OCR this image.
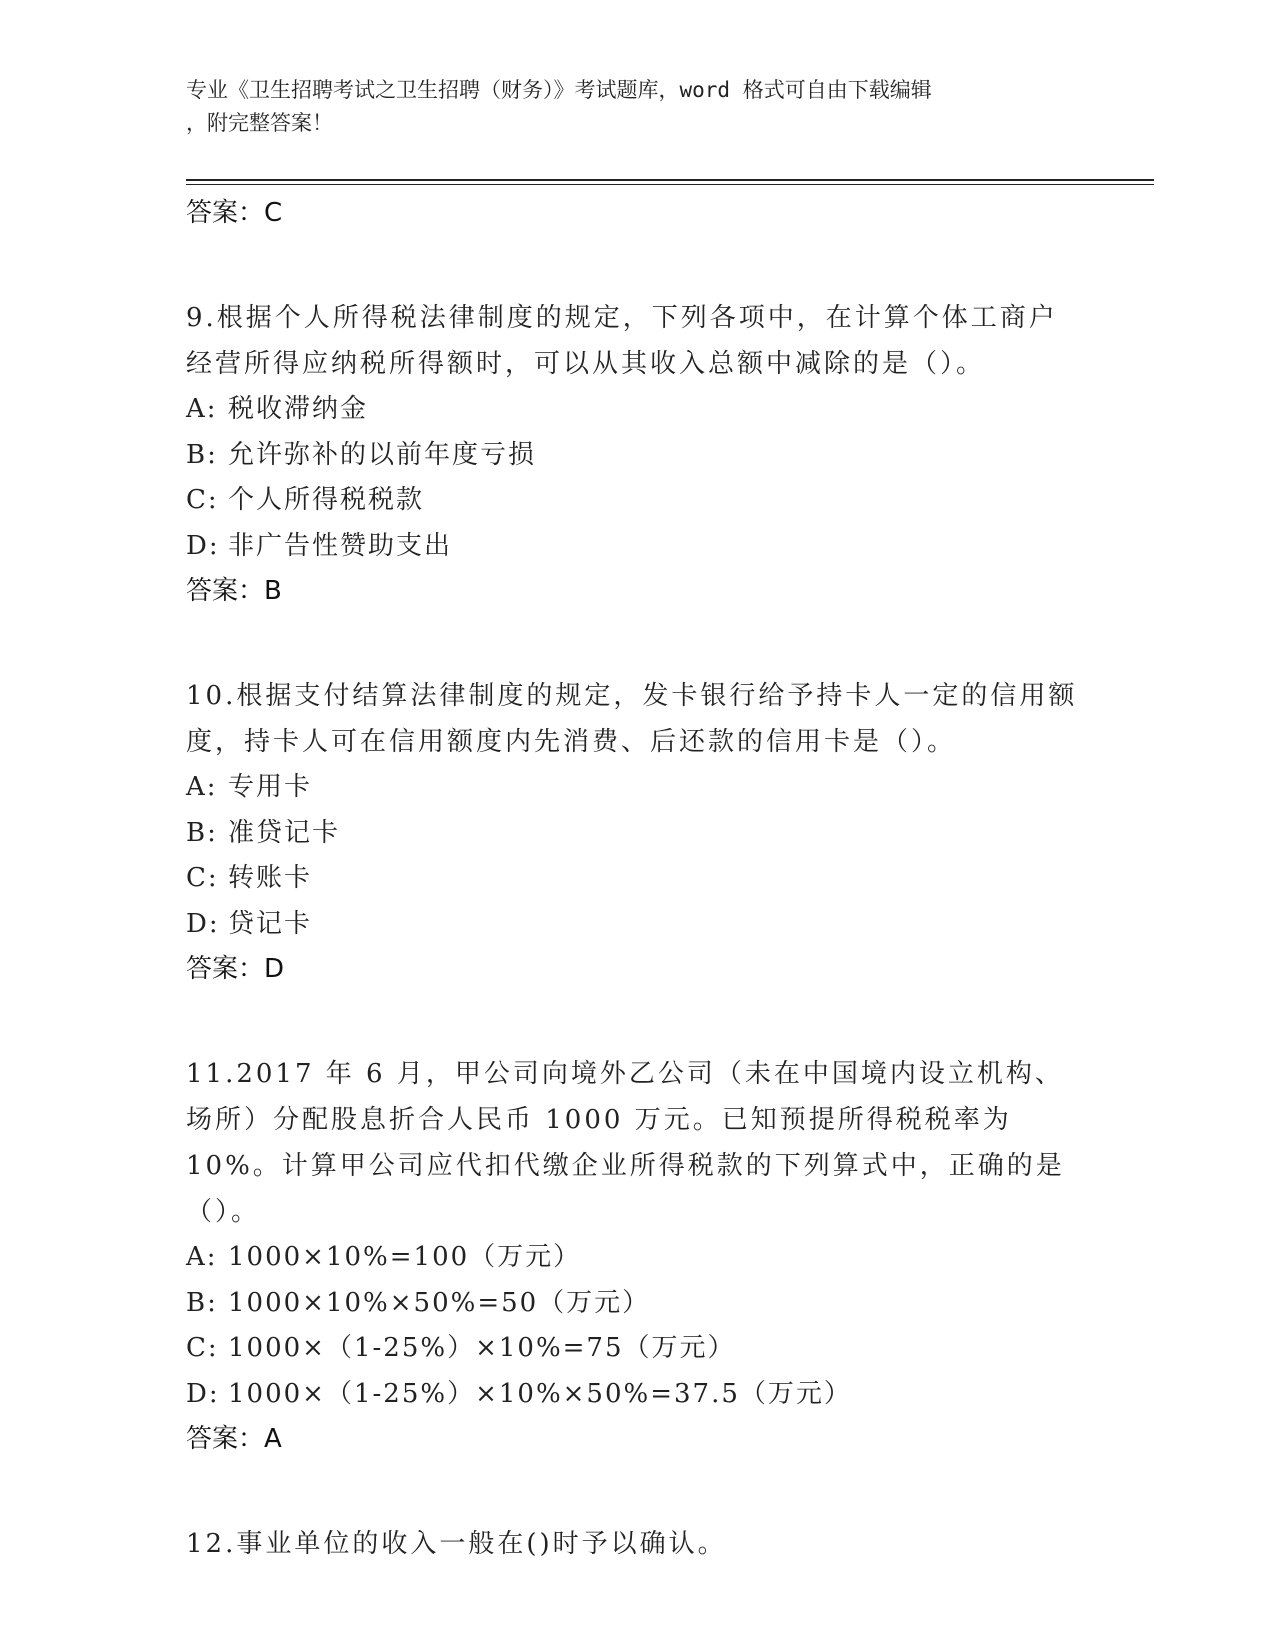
专业《卫生招聘考试之卫生招聘（财务）》考试题库，word 格式可自由下载编辑
，附完整答案！

答案：C

9.根据个人所得税法律制度的规定，下列各项中，在计算个体工商户经营所得应纳税所得额时，可以从其收入总额中减除的是（）。

A: 税收滞纳金

B: 允许弥补的以前年度亏损

C: 个人所得税税款

D: 非广告性赞助支出

答案：B

10.根据支付结算法律制度的规定，发卡银行给予持卡人一定的信用额度，持卡人可在信用额度内先消费、后还款的信用卡是（）。

A: 专用卡

B: 准贷记卡

C: 转账卡

D: 贷记卡

答案：D

11.2017 年 6 月，甲公司向境外乙公司（未在中国境内设立机构、场所）分配股息折合人民币 1000 万元。已知预提所得税税率为 10%。计算甲公司应代扣代缴企业所得税款的下列算式中，正确的是（）。

A: 1000×10%=100（万元）

B: 1000×10%×50%=50（万元）

C: 1000×（1-25%）×10%=75（万元）

D: 1000×（1-25%）×10%×50%=37.5（万元）

答案：A

12.事业单位的收入一般在()时予以确认。
